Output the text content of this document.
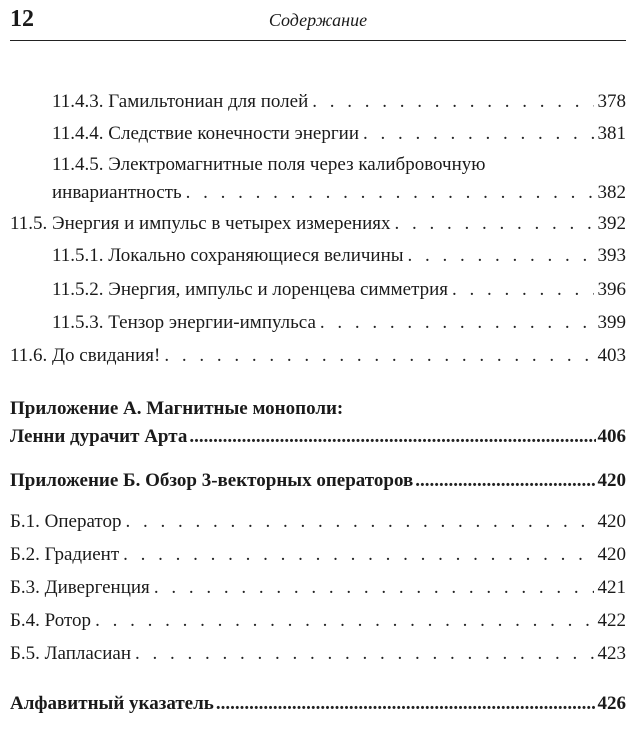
12	Содержание
11.4.3. Гамильтониан для полей . . .	378
11.4.4. Следствие конечности энергии . . .	381
11.4.5. Электромагнитные поля через калибровочную
инвариантность . . .	382
11.5. Энергия и импульс в четырех измерениях . . .	392
11.5.1. Локально сохраняющиеся величины . . .	393
11.5.2. Энергия, импульс и лоренцева симметрия . . .	396
11.5.3. Тензор энергии-импульса . . .	399
11.6. До свидания! . . .	403
Приложение А. Магнитные монополи:
Ленни дурачит Арта .....	406
Приложение Б. Обзор 3-векторных операторов .....	420
Б.1. Оператор . . .	420
Б.2. Градиент . . .	420
Б.3. Дивергенция . . .	421
Б.4. Ротор . . .	422
Б.5. Лапласиан . . .	423
Алфавитный указатель .....	426
